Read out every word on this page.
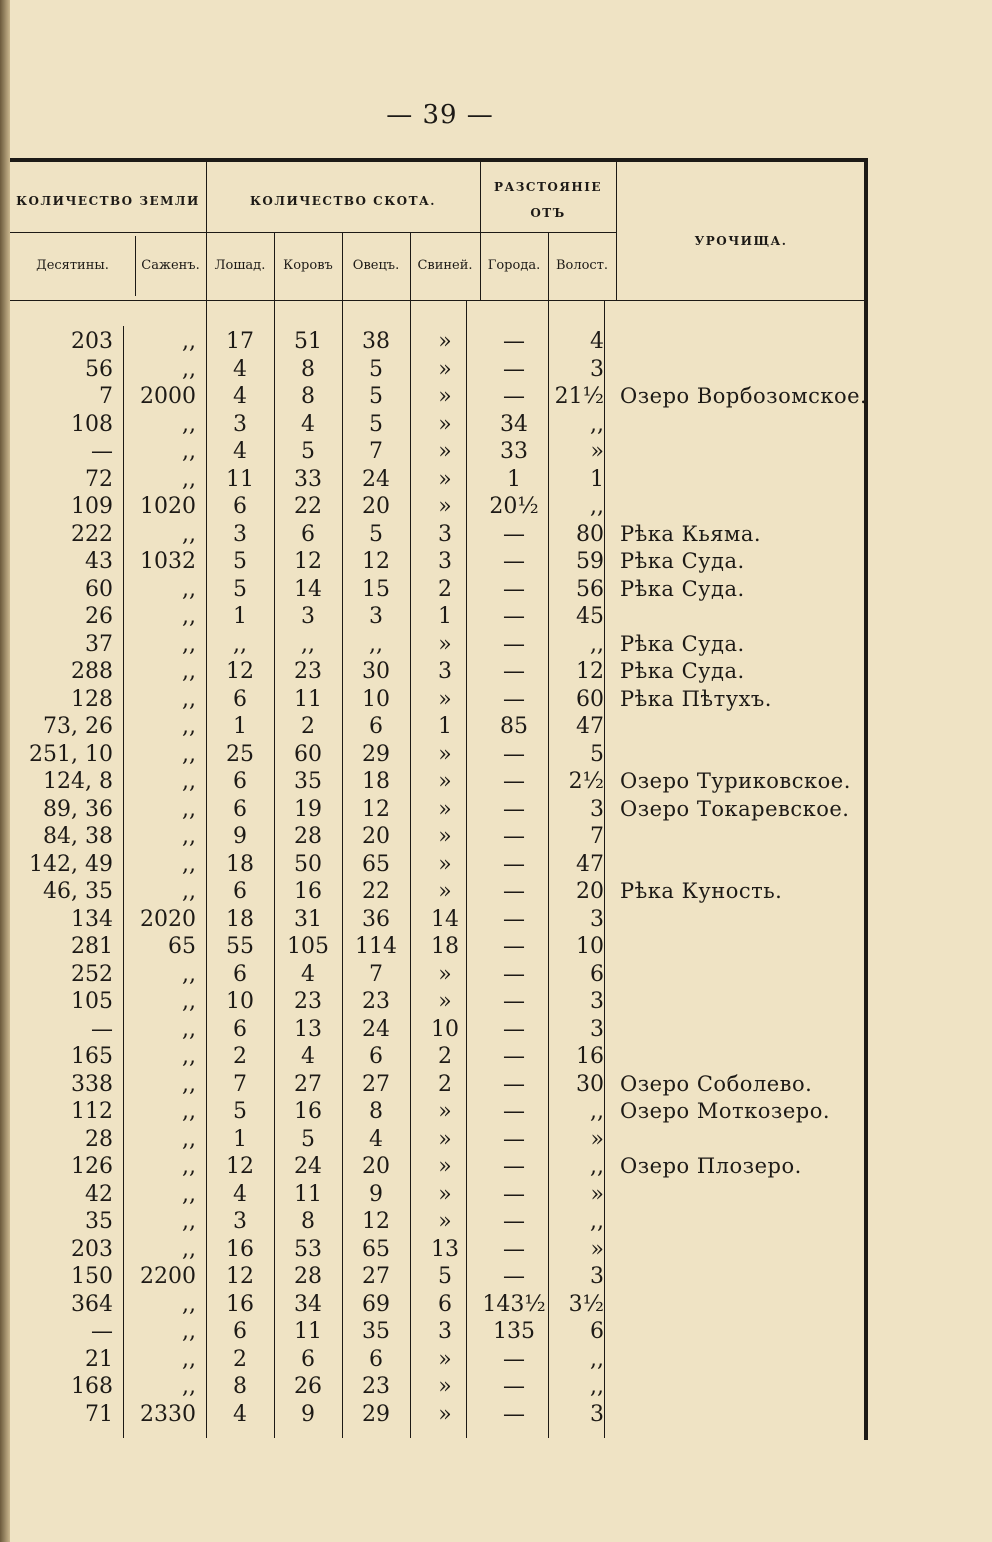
— 39 —
КОЛИЧЕСТВО ЗЕМЛИ	КОЛИЧЕСТВО СКОТА.
РАЗСТОЯНІЕ
ОТЪ
УРОЧИЩА.
Десятины.	Саженъ.	Лошад.	Коровъ	Овецъ.	Свиней.	Города.	Волост.
203	,,	17	51	38	»	—	4
56	,,	4	8	5	»	—	3
7	2000	4	8	5	»	—	21½ Озеро Ворбозомское.
108	,,	3	4	5	»	34	,,
—	,,	4	5	7	»	33	»
72	,,	11	33	24	»	1	1
109	1020	6	22	20	»	20½	,,
222	,,	3	6	5	3	—	80 Рѣка Кьяма.
43	1032	5	12	12	3	—	59 Рѣка Суда.
60	,,	5	14	15	2	—	56 Рѣка Суда.
26	,,	1	3	3	1	—	45
37	,,	,,	,,	,,	»	—	,, Рѣка Суда.
288	,,	12	23	30	3	—	12 Рѣка Суда.
128	,,	6	11	10	»	—	60 Рѣка Пѣтухъ.
73, 26	,,	1	2	6	1	85	47
251, 10	,,	25	60	29	»	—	5
124, 8	,,	6	35	18	»	—	2½ Озеро Туриковское.
89, 36	,,	6	19	12	»	—	3 Озеро Токаревское.
84, 38	,,	9	28	20	»	—	7
142, 49	,,	18	50	65	»	—	47
46, 35	,,	6	16	22	»	—	20 Рѣка Куность.
134	2020	18	31	36	14	—	3
281	65	55	105	114	18	—	10
252	,,	6	4	7	»	—	6
105	,,	10	23	23	»	—	3
—	,,	6	13	24	10	—	3
165	,,	2	4	6	2	—	16
338	,,	7	27	27	2	—	30 Озеро Соболево.
112	,,	5	16	8	»	—	,, Озеро Моткозеро.
28	,,	1	5	4	»	—	»
126	,,	12	24	20	»	—	,, Озеро Плозеро.
42	,,	4	11	9	»	—	»
35	,,	3	8	12	»	—	,,
203	,,	16	53	65	13	—	»
150	2200	12	28	27	5	—	3
364	,,	16	34	69	6	143½	3½
—	,,	6	11	35	3	135	6
21	,,	2	6	6	»	—	,,
168	,,	8	26	23	»	—	,,
71	2330	4	9	29	»	—	3
